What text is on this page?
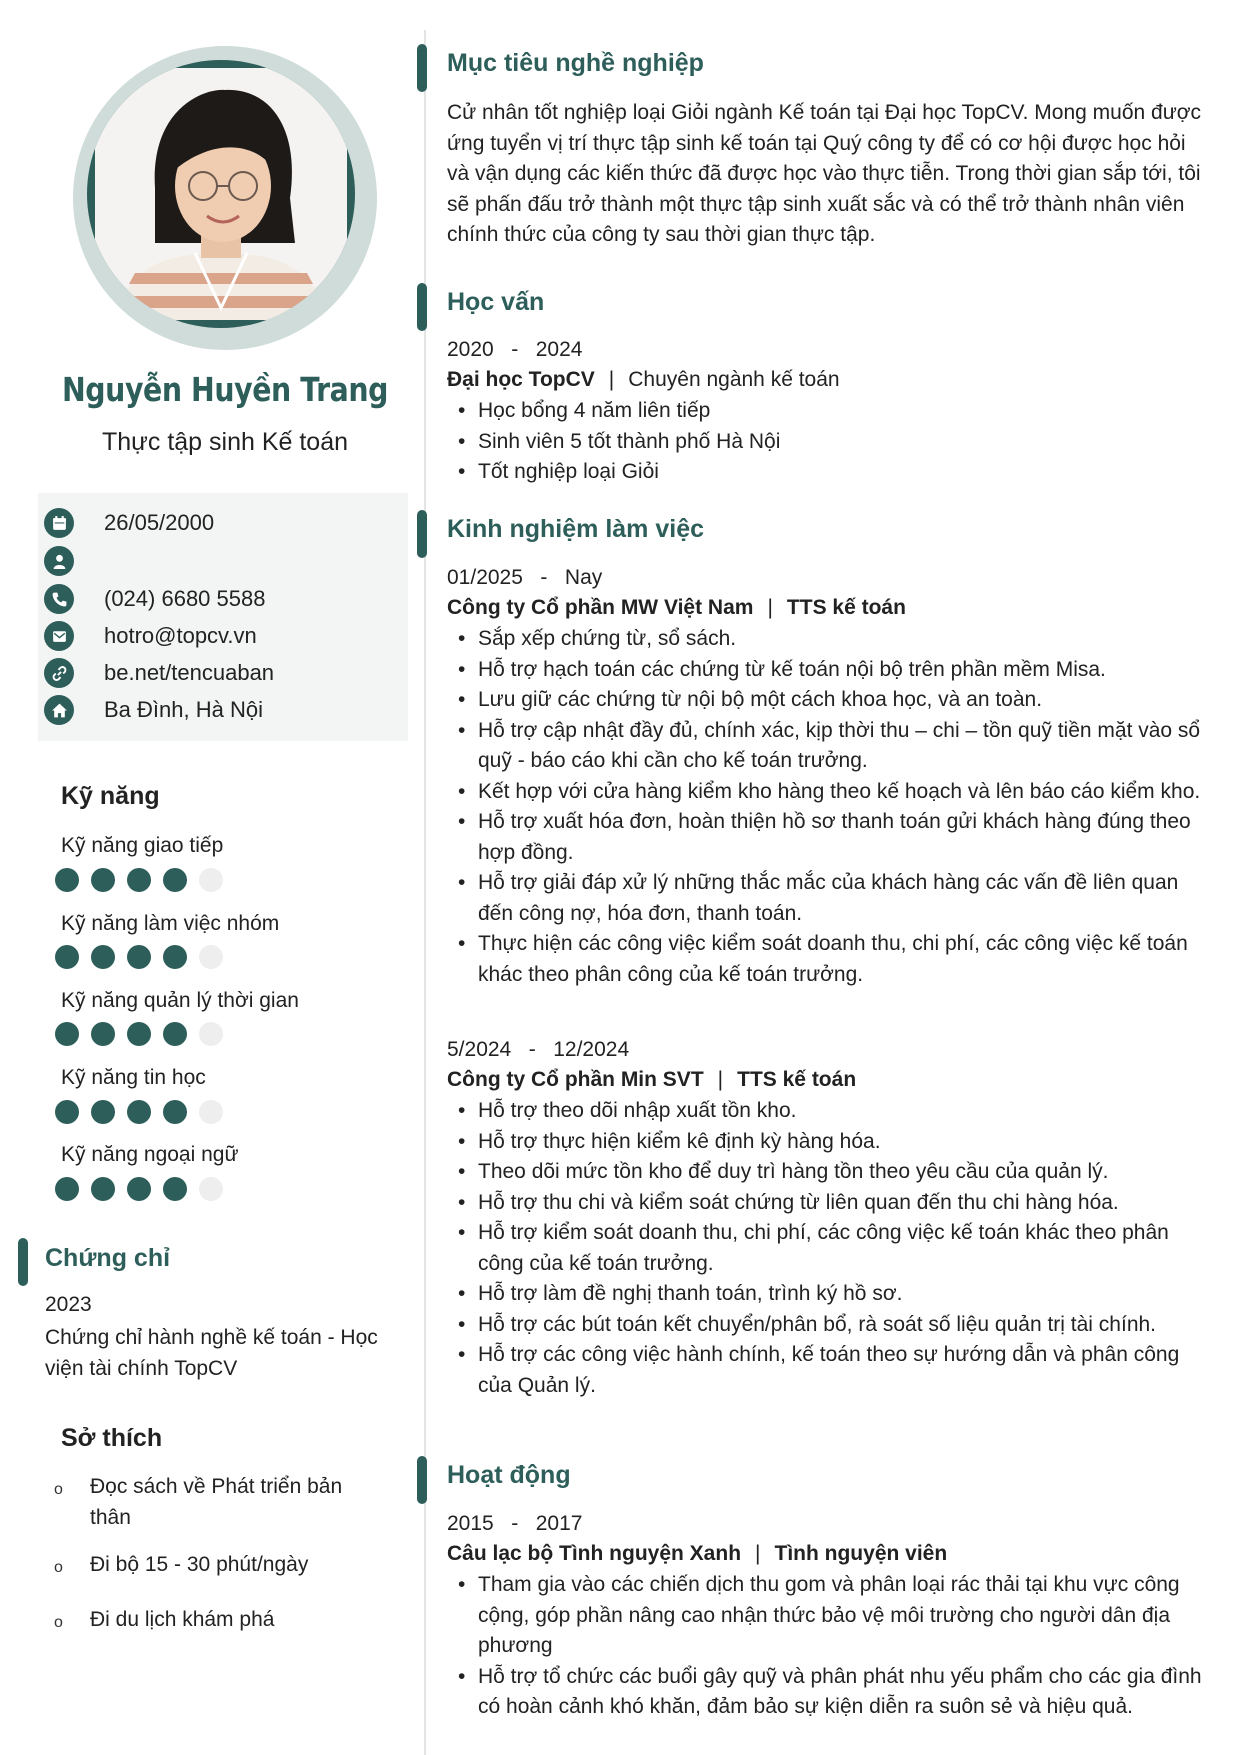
Nguyễn Huyền Trang
Thực tập sinh Kế toán
26/05/2000
(024) 6680 5588
hotro@topcv.vn
be.net/tencuaban
Ba Đình, Hà Nội
Kỹ năng
Kỹ năng giao tiếp
Kỹ năng làm việc nhóm
Kỹ năng quản lý thời gian
Kỹ năng tin học
Kỹ năng ngoại ngữ
Chứng chỉ
2023
Chứng chỉ hành nghề kế toán - Học viện tài chính TopCV
Sở thích
o	Đọc sách về Phát triển bản thân
o	Đi bộ 15 - 30 phút/ngày
o	Đi du lịch khám phá
Mục tiêu nghề nghiệp
Cử nhân tốt nghiệp loại Giỏi ngành Kế toán tại Đại học TopCV. Mong muốn được ứng tuyển vị trí thực tập sinh kế toán tại Quý công ty để có cơ hội được học hỏi và vận dụng các kiến thức đã được học vào thực tiễn. Trong thời gian sắp tới, tôi sẽ phấn đấu trở thành một thực tập sinh xuất sắc và có thể trở thành nhân viên chính thức của công ty sau thời gian thực tập.
Học vấn
2020   -   2024
Đại học TopCV | Chuyên ngành kế toán
• Học bổng 4 năm liên tiếp
• Sinh viên 5 tốt thành phố Hà Nội
• Tốt nghiệp loại Giỏi
Kinh nghiệm làm việc
01/2025   -   Nay
Công ty Cổ phần MW Việt Nam | TTS kế toán
• Sắp xếp chứng từ, sổ sách.
• Hỗ trợ hạch toán các chứng từ kế toán nội bộ trên phần mềm Misa.
• Lưu giữ các chứng từ nội bộ một cách khoa học, và an toàn.
• Hỗ trợ cập nhật đầy đủ, chính xác, kịp thời thu – chi – tồn quỹ tiền mặt vào sổ quỹ - báo cáo khi cần cho kế toán trưởng.
• Kết hợp với cửa hàng kiểm kho hàng theo kế hoạch và lên báo cáo kiểm kho.
• Hỗ trợ xuất hóa đơn, hoàn thiện hồ sơ thanh toán gửi khách hàng đúng theo hợp đồng.
• Hỗ trợ giải đáp xử lý những thắc mắc của khách hàng các vấn đề liên quan đến công nợ, hóa đơn, thanh toán.
• Thực hiện các công việc kiểm soát doanh thu, chi phí, các công việc kế toán khác theo phân công của kế toán trưởng.
5/2024   -   12/2024
Công ty Cổ phần Min SVT | TTS kế toán
• Hỗ trợ theo dõi nhập xuất tồn kho.
• Hỗ trợ thực hiện kiểm kê định kỳ hàng hóa.
• Theo dõi mức tồn kho để duy trì hàng tồn theo yêu cầu của quản lý.
• Hỗ trợ thu chi và kiểm soát chứng từ liên quan đến thu chi hàng hóa.
• Hỗ trợ kiểm soát doanh thu, chi phí, các công việc kế toán khác theo phân công của kế toán trưởng.
• Hỗ trợ làm đề nghị thanh toán, trình ký hồ sơ.
• Hỗ trợ các bút toán kết chuyển/phân bổ, rà soát số liệu quản trị tài chính.
• Hỗ trợ các công việc hành chính, kế toán theo sự hướng dẫn và phân công của Quản lý.
Hoạt động
2015   -   2017
Câu lạc bộ Tình nguyện Xanh | Tình nguyện viên
• Tham gia vào các chiến dịch thu gom và phân loại rác thải tại khu vực công cộng, góp phần nâng cao nhận thức bảo vệ môi trường cho người dân địa phương
• Hỗ trợ tổ chức các buổi gây quỹ và phân phát nhu yếu phẩm cho các gia đình có hoàn cảnh khó khăn, đảm bảo sự kiện diễn ra suôn sẻ và hiệu quả.
